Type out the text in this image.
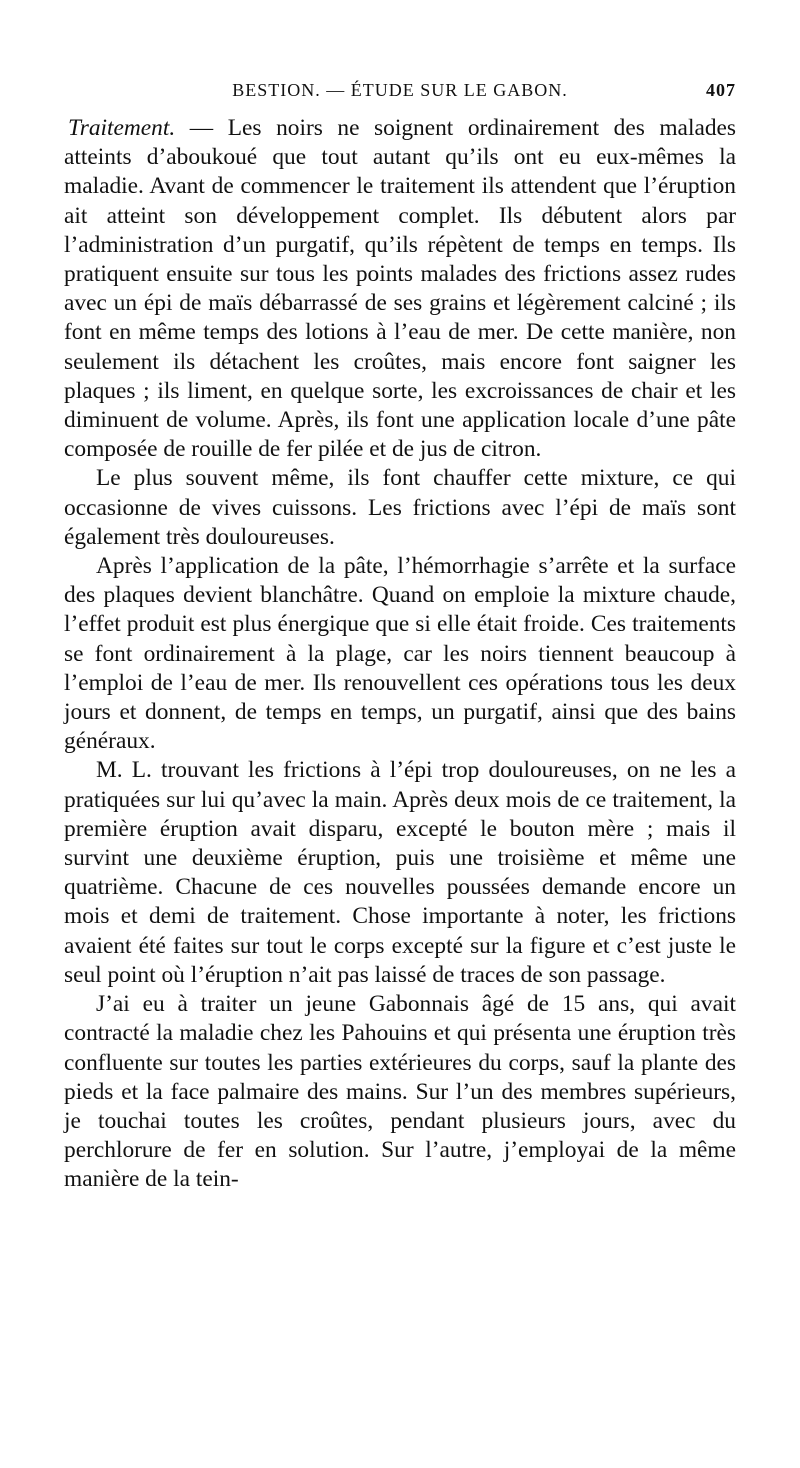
BESTION. — ÉTUDE SUR LE GABON.	407

Traitement. — Les noirs ne soignent ordinairement des malades atteints d’aboukoué que tout autant qu’ils ont eu eux-mêmes la maladie. Avant de commencer le traitement ils attendent que l’éruption ait atteint son développement complet. Ils débutent alors par l’administration d’un purgatif, qu’ils répètent de temps en temps. Ils pratiquent ensuite sur tous les points malades des frictions assez rudes avec un épi de maïs débarrassé de ses grains et légèrement calciné ; ils font en même temps des lotions à l’eau de mer. De cette manière, non seulement ils détachent les croûtes, mais encore font saigner les plaques ; ils liment, en quelque sorte, les excroissances de chair et les diminuent de volume. Après, ils font une application locale d’une pâte composée de rouille de fer pilée et de jus de citron.

Le plus souvent même, ils font chauffer cette mixture, ce qui occasionne de vives cuissons. Les frictions avec l’épi de maïs sont également très douloureuses.

Après l’application de la pâte, l’hémorrhagie s’arrête et la surface des plaques devient blanchâtre. Quand on emploie la mixture chaude, l’effet produit est plus énergique que si elle était froide. Ces traitements se font ordinairement à la plage, car les noirs tiennent beaucoup à l’emploi de l’eau de mer. Ils renouvellent ces opérations tous les deux jours et donnent, de temps en temps, un purgatif, ainsi que des bains généraux.

M. L. trouvant les frictions à l’épi trop douloureuses, on ne les a pratiquées sur lui qu’avec la main. Après deux mois de ce traitement, la première éruption avait disparu, excepté le bouton mère ; mais il survint une deuxième éruption, puis une troisième et même une quatrième. Chacune de ces nouvelles poussées demande encore un mois et demi de traitement. Chose importante à noter, les frictions avaient été faites sur tout le corps excepté sur la figure et c’est juste le seul point où l’éruption n’ait pas laissé de traces de son passage.

J’ai eu à traiter un jeune Gabonnais âgé de 15 ans, qui avait contracté la maladie chez les Pahouins et qui présenta une éruption très confluente sur toutes les parties extérieures du corps, sauf la plante des pieds et la face palmaire des mains. Sur l’un des membres supérieurs, je touchai toutes les croûtes, pendant plusieurs jours, avec du perchlorure de fer en solution. Sur l’autre, j’employai de la même manière de la tein-
